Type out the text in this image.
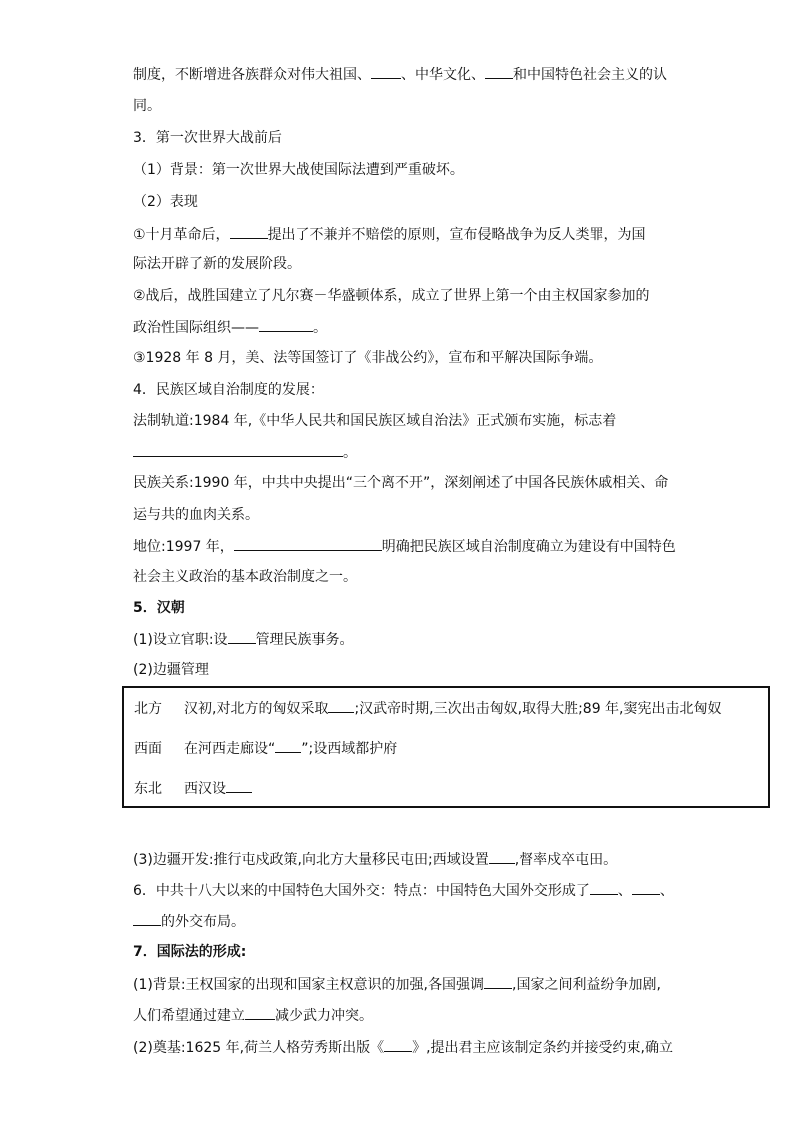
制度，不断增进各族群众对伟大祖国、 、中华文化、 和中国特色社会主义的认
同。
3．第一次世界大战前后
（1）背景：第一次世界大战使国际法遭到严重破坏。
（2）表现
①十月革命后，	提出了不兼并不赔偿的原则，宣布侵略战争为反人类罪，为国
际法开辟了新的发展阶段。
②战后，战胜国建立了凡尔赛－华盛顿体系，成立了世界上第一个由主权国家参加的
政治性国际组织——	。
③1928 年 8 月，美、法等国签订了《非战公约》，宣布和平解决国际争端。
4．民族区域自治制度的发展：
法制轨道:1984 年,《中华人民共和国民族区域自治法》正式颁布实施，标志着
。
民族关系:1990 年，中共中央提出“三个离不开”，深刻阐述了中国各民族休戚相关、命
运与共的血肉关系。
地位:1997 年，	明确把民族区域自治制度确立为建设有中国特色
社会主义政治的基本政治制度之一。
5．汉朝
(1)设立官职:设 管理民族事务。
(2)边疆管理
北方 汉初,对北方的匈奴采取 ;汉武帝时期,三次出击匈奴,取得大胜;89 年,窦宪出击北匈奴
西面 在河西走廊设“ ”;设西域都护府
东北 西汉设
(3)边疆开发:推行屯戍政策,向北方大量移民屯田;西域设置 ,督率戍卒屯田。
6．中共十八大以来的中国特色大国外交：特点：中国特色大国外交形成了 、 、
的外交布局。
7．国际法的形成:
(1)背景:王权国家的出现和国家主权意识的加强,各国强调 ,国家之间利益纷争加剧,
人们希望通过建立 减少武力冲突。
(2)奠基:1625 年,荷兰人格劳秀斯出版《 》,提出君主应该制定条约并接受约束,确立
